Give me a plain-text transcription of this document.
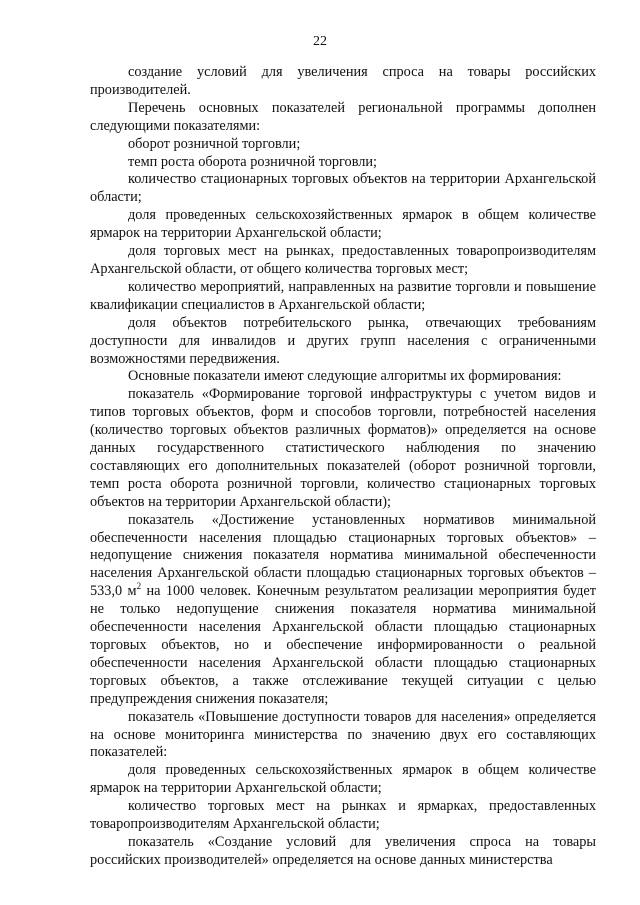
22

создание условий для увеличения спроса на товары российских производителей.

Перечень основных показателей региональной программы дополнен следующими показателями:

оборот розничной торговли;

темп роста оборота розничной торговли;

количество стационарных торговых объектов на территории Архангельской области;

доля проведенных сельскохозяйственных ярмарок в общем количестве ярмарок на территории Архангельской области;

доля торговых мест на рынках, предоставленных товаропроизводителям Архангельской области, от общего количества торговых мест;

количество мероприятий, направленных на развитие торговли и повышение квалификации специалистов в Архангельской области;

доля объектов потребительского рынка, отвечающих требованиям доступности для инвалидов и других групп населения с ограниченными возможностями передвижения.

Основные показатели имеют следующие алгоритмы их формирования:

показатель «Формирование торговой инфраструктуры с учетом видов и типов торговых объектов, форм и способов торговли, потребностей населения (количество торговых объектов различных форматов)» определяется на основе данных государственного статистического наблюдения по значению составляющих его дополнительных показателей (оборот розничной торговли, темп роста оборота розничной торговли, количество стационарных торговых объектов на территории Архангельской области);

показатель «Достижение установленных нормативов минимальной обеспеченности населения площадью стационарных торговых объектов» – недопущение снижения показателя норматива минимальной обеспеченности населения Архангельской области площадью стационарных торговых объектов – 533,0 $м^2$ на 1000 человек. Конечным результатом реализации мероприятия будет не только недопущение снижения показателя норматива минимальной обеспеченности населения Архангельской области площадью стационарных торговых объектов, но и обеспечение информированности о реальной обеспеченности населения Архангельской области площадью стационарных торговых объектов, а также отслеживание текущей ситуации с целью предупреждения снижения показателя;

показатель «Повышение доступности товаров для населения» определяется на основе мониторинга министерства по значению двух его составляющих показателей:

доля проведенных сельскохозяйственных ярмарок в общем количестве ярмарок на территории Архангельской области;

количество торговых мест на рынках и ярмарках, предоставленных товаропроизводителям Архангельской области;

показатель «Создание условий для увеличения спроса на товары российских производителей» определяется на основе данных министерства
